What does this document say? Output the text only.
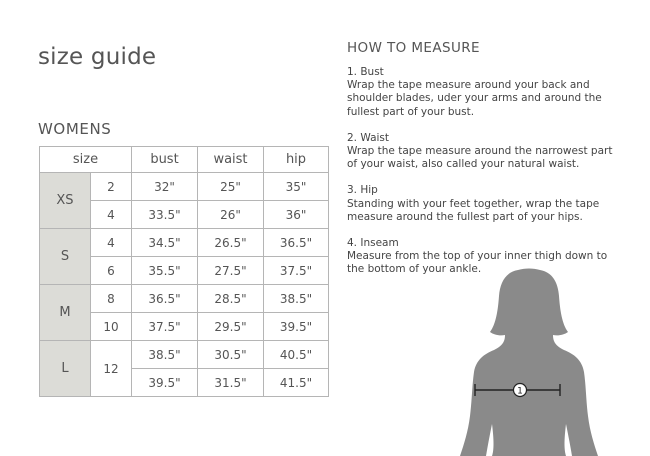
size guide
WOMENS
size		bust	waist	hip
XS	2	32"	25"	35"
	4	33.5"	26"	36"
S	4	34.5"	26.5"	36.5"
	6	35.5"	27.5"	37.5"
M	8	36.5"	28.5"	38.5"
	10	37.5"	29.5"	39.5"
L	12	38.5"	30.5"	40.5"
		39.5"	31.5"	41.5"
HOW TO MEASURE
1. Bust
Wrap the tape measure around your back and shoulder blades, uder your arms and around the fullest part of your bust.
2. Waist
Wrap the tape measure around the narrowest part of your waist, also called your natural waist.
3. Hip
Standing with your feet together, wrap the tape measure around the fullest part of your hips.
4. Inseam
Measure from the top of your inner thigh down to the bottom of your ankle.
1
